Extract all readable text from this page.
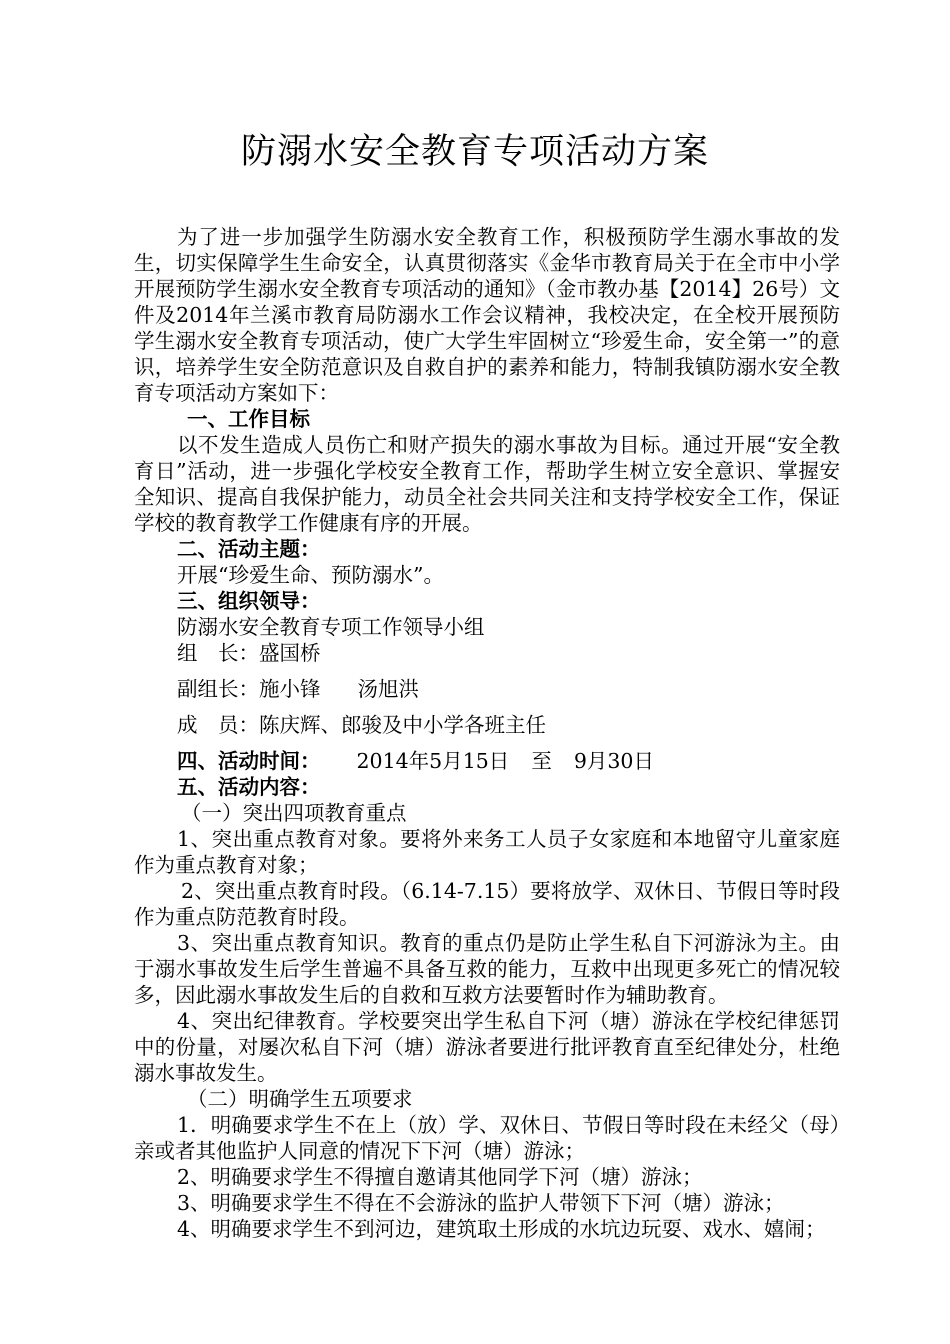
防溺水安全教育专项活动方案

为了进一步加强学生防溺水安全教育工作，积极预防学生溺水事故的发生，切实保障学生生命安全，认真贯彻落实《金华市教育局关于在全市中小学开展预防学生溺水安全教育专项活动的通知》（金市教办基【2014】26号）文件及2014年兰溪市教育局防溺水工作会议精神，我校决定，在全校开展预防学生溺水安全教育专项活动，使广大学生牢固树立“珍爱生命，安全第一”的意识，培养学生安全防范意识及自救自护的素养和能力，特制我镇防溺水安全教育专项活动方案如下：

一、工作目标

以不发生造成人员伤亡和财产损失的溺水事故为目标。通过开展“安全教育日”活动，进一步强化学校安全教育工作，帮助学生树立安全意识、掌握安全知识、提高自我保护能力，动员全社会共同关注和支持学校安全工作，保证学校的教育教学工作健康有序的开展。

二、活动主题：

开展“珍爱生命、预防溺水”。

三、组织领导：

防溺水安全教育专项工作领导小组

组　长：盛国桥

副组长：施小锋 汤旭洪

成　员：陈庆辉、郎骏及中小学各班主任

四、活动时间： 2014年5月15日 至 9月30日

五、活动内容：

（一）突出四项教育重点

1、突出重点教育对象。要将外来务工人员子女家庭和本地留守儿童家庭作为重点教育对象；

2、突出重点教育时段。（6.14-7.15）要将放学、双休日、节假日等时段作为重点防范教育时段。

3、突出重点教育知识。教育的重点仍是防止学生私自下河游泳为主。由于溺水事故发生后学生普遍不具备互救的能力，互救中出现更多死亡的情况较多，因此溺水事故发生后的自救和互救方法要暂时作为辅助教育。

4、突出纪律教育。学校要突出学生私自下河（塘）游泳在学校纪律惩罚中的份量，对屡次私自下河（塘）游泳者要进行批评教育直至纪律处分，杜绝溺水事故发生。

（二）明确学生五项要求

1．明确要求学生不在上（放）学、双休日、节假日等时段在未经父（母）亲或者其他监护人同意的情况下下河（塘）游泳；

2、明确要求学生不得擅自邀请其他同学下河（塘）游泳；

3、明确要求学生不得在不会游泳的监护人带领下下河（塘）游泳；

4、明确要求学生不到河边，建筑取土形成的水坑边玩耍、戏水、嬉闹；
